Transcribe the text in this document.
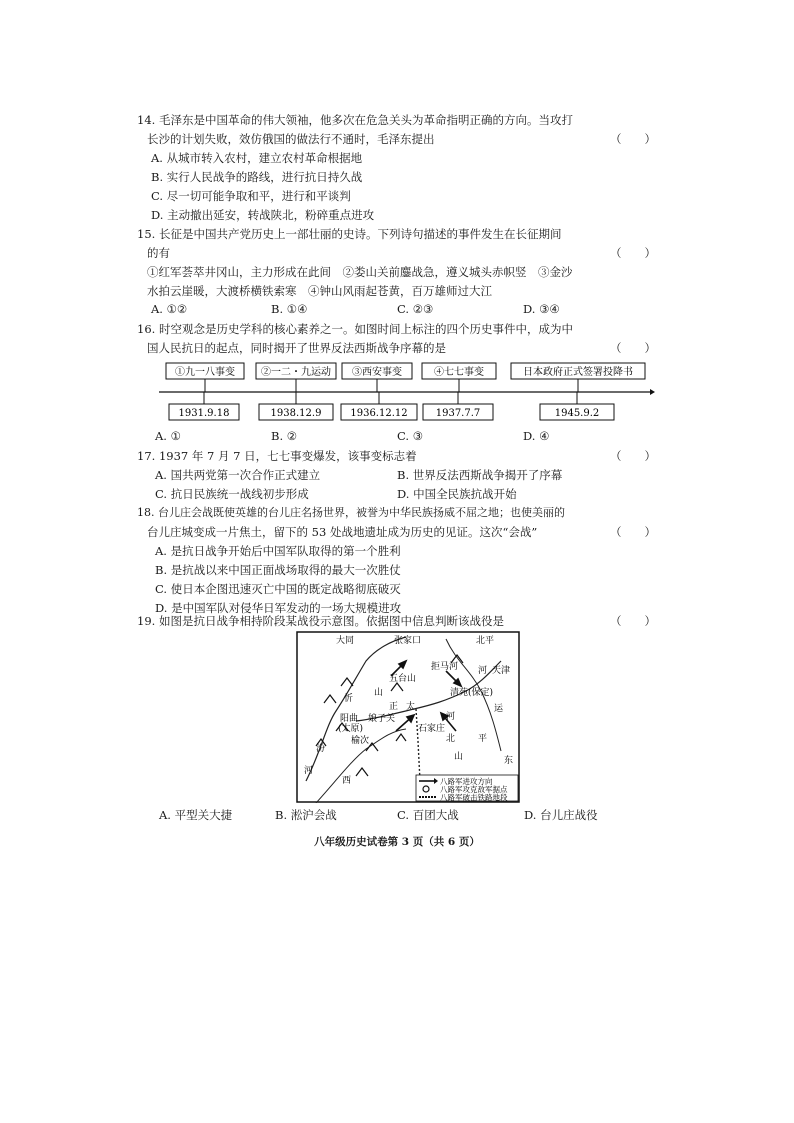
14. 毛泽东是中国革命的伟大领袖，他多次在危急关头为革命指明正确的方向。当攻打
长沙的计划失败，效仿俄国的做法行不通时，毛泽东提出	（　　）
A. 从城市转入农村，建立农村革命根据地
B. 实行人民战争的路线，进行抗日持久战
C. 尽一切可能争取和平，进行和平谈判
D. 主动撤出延安，转战陕北，粉碎重点进攻
15. 长征是中国共产党历史上一部壮丽的史诗。下列诗句描述的事件发生在长征期间
的有	（　　）
①红军荟萃井冈山，主力形成在此间　②娄山关前鏖战急，遵义城头赤帜竖　③金沙
水拍云崖暖，大渡桥横铁索寒　④钟山风雨起苍黄，百万雄师过大江
A. ①②	B. ①④	C. ②③	D. ③④
16. 时空观念是历史学科的核心素养之一。如图时间上标注的四个历史事件中，成为中
国人民抗日的起点，同时揭开了世界反法西斯战争序幕的是	（　　）
①九一八事变
1931.9.18
②一二・九运动
1938.12.9
③西安事变
1936.12.12
④七七事变
1937.7.7
日本政府正式签署投降书
1945.9.2
A. ①	B. ②	C. ③	D. ④
17. 1937 年 7 月 7 日，七七事变爆发，该事变标志着	（　　）
A. 国共两党第一次合作正式建立	B. 世界反法西斯战争揭开了序幕
C. 抗日民族统一战线初步形成	D. 中国全民族抗战开始
18. 台儿庄会战既使英雄的台儿庄名扬世界，被誉为中华民族扬威不屈之地；也使美丽的
台儿庄城变成一片焦土，留下的 53 处战地遗址成为历史的见证。这次“会战”	（　　）
A. 是抗日战争开始后中国军队取得的第一个胜利
B. 是抗战以来中国正面战场取得的最大一次胜仗
C. 使日本企图迅速灭亡中国的既定战略彻底破灭
D. 是中国军队对侵华日军发动的一场大规模进攻
19. 如图是抗日战争相持阶段某战役示意图。依据图中信息判断该战役是	（　　）
大同	张家口	北平
拒马河 河 天津
五台山
山	清苑(保定)
运
忻
阳曲
(太原)
正 太
娘子关	河
石家庄
榆次
汾
北	平
山	东
河
西	八路军进攻方向
八路军攻克敌军据点
八路军破击铁路地段
A. 平型关大捷	B. 淞沪会战	C. 百团大战	D. 台儿庄战役
八年级历史试卷第 3 页（共 6 页）
